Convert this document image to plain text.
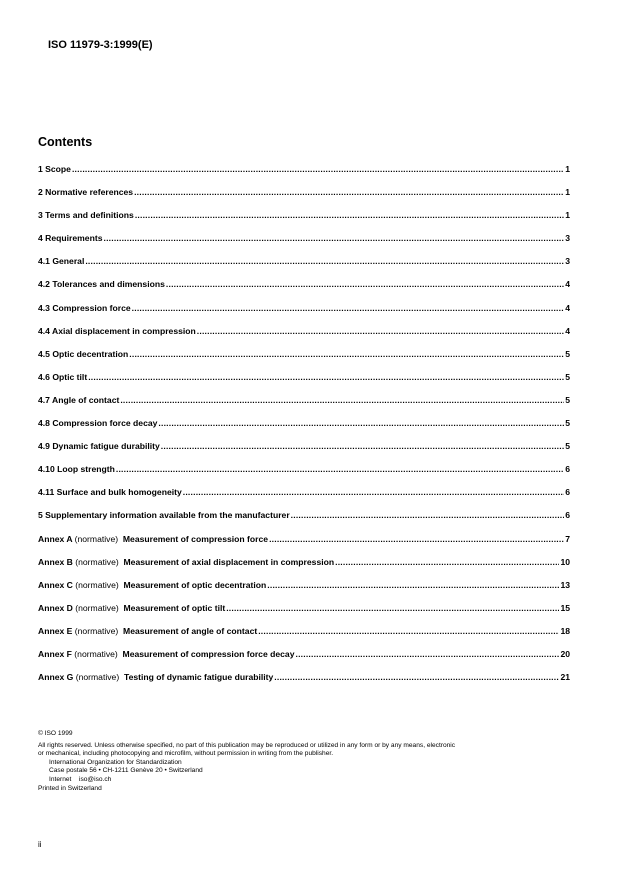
ISO 11979-3:1999(E)
Contents
1 Scope .....	1
2 Normative references .....	1
3 Terms and definitions .....	1
4 Requirements .....	3
4.1 General .....	3
4.2 Tolerances and dimensions .....	4
4.3 Compression force .....	4
4.4 Axial displacement in compression .....	4
4.5 Optic decentration .....	5
4.6 Optic tilt .....	5
4.7 Angle of contact .....	5
4.8 Compression force decay .....	5
4.9 Dynamic fatigue durability .....	5
4.10 Loop strength .....	6
4.11 Surface and bulk homogeneity .....	6
5 Supplementary information available from the manufacturer .....	6
Annex A (normative) Measurement of compression force .....	7
Annex B (normative) Measurement of axial displacement in compression .....	10
Annex C (normative) Measurement of optic decentration .....	13
Annex D (normative) Measurement of optic tilt .....	15
Annex E (normative) Measurement of angle of contact .....	18
Annex F (normative) Measurement of compression force decay .....	20
Annex G (normative) Testing of dynamic fatigue durability .....	21
© ISO 1999
All rights reserved. Unless otherwise specified, no part of this publication may be reproduced or utilized in any form or by any means, electronic
or mechanical, including photocopying and microfilm, without permission in writing from the publisher.
International Organization for Standardization
Case postale 56 • CH-1211 Genève 20 • Switzerland
Internet iso@iso.ch
Printed in Switzerland
ii
